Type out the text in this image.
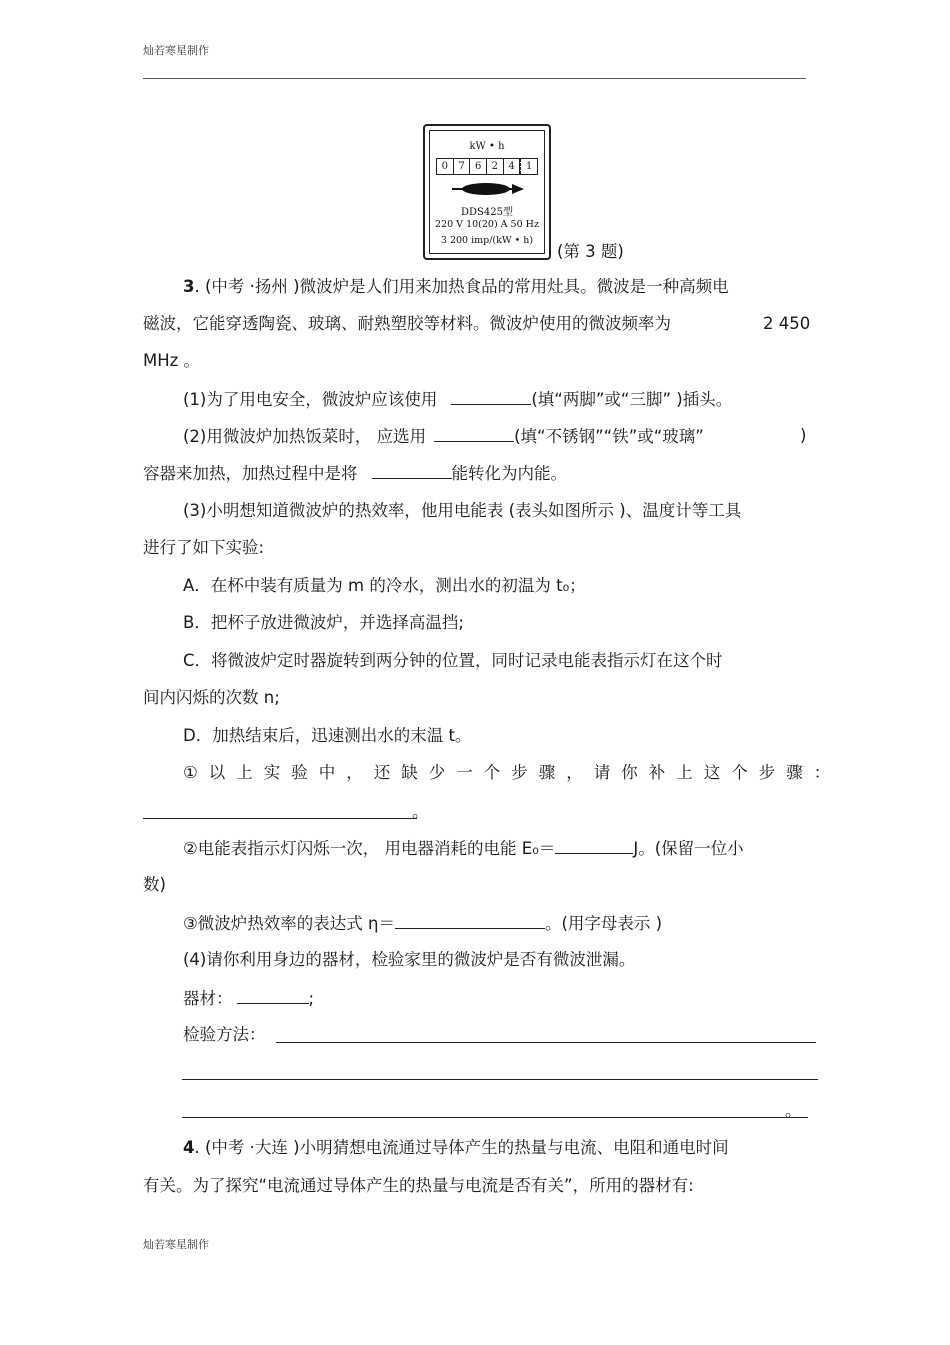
灿若寒星制作
kW • h
0	7	6	2	4	1
DDS425型
220 V 10(20) A 50 Hz
3 200 imp/(kW • h)
(第 3 题)
3. (中考 ·扬州 )微波炉是人们用来加热食品的常用灶具。微波是一种高频电
磁波，它能穿透陶瓷、玻璃、耐熟塑胶等材料。微波炉使用的微波频率为	2 450
MHz 。
(1)为了用电安全，微波炉应该使用	(填“两脚”或“三脚” )插头。
(2)用微波炉加热饭菜时， 应选用	(填“不锈钢”“铁”或“玻璃”	)
容器来加热，加热过程中是将	能转化为内能。
(3)小明想知道微波炉的热效率，他用电能表 (表头如图所示 )、温度计等工具
进行了如下实验:
A．在杯中装有质量为 m 的冷水，测出水的初温为 t₀；
B．把杯子放进微波炉，并选择高温挡;
C．将微波炉定时器旋转到两分钟的位置，同时记录电能表指示灯在这个时
间内闪烁的次数 n;
D．加热结束后，迅速测出水的末温 t。
①以上实验中，还缺少一个步骤，请你补上这个步骤：
。
②电能表指示灯闪烁一次， 用电器消耗的电能 E₀＝	J。(保留一位小
数)
③微波炉热效率的表达式 η＝	。(用字母表示 )
(4)请你利用身边的器材，检验家里的微波炉是否有微波泄漏。
器材：	;
检验方法：
。
4. (中考 ·大连 )小明猜想电流通过导体产生的热量与电流、电阻和通电时间
有关。为了探究“电流通过导体产生的热量与电流是否有关”，所用的器材有:
灿若寒星制作
